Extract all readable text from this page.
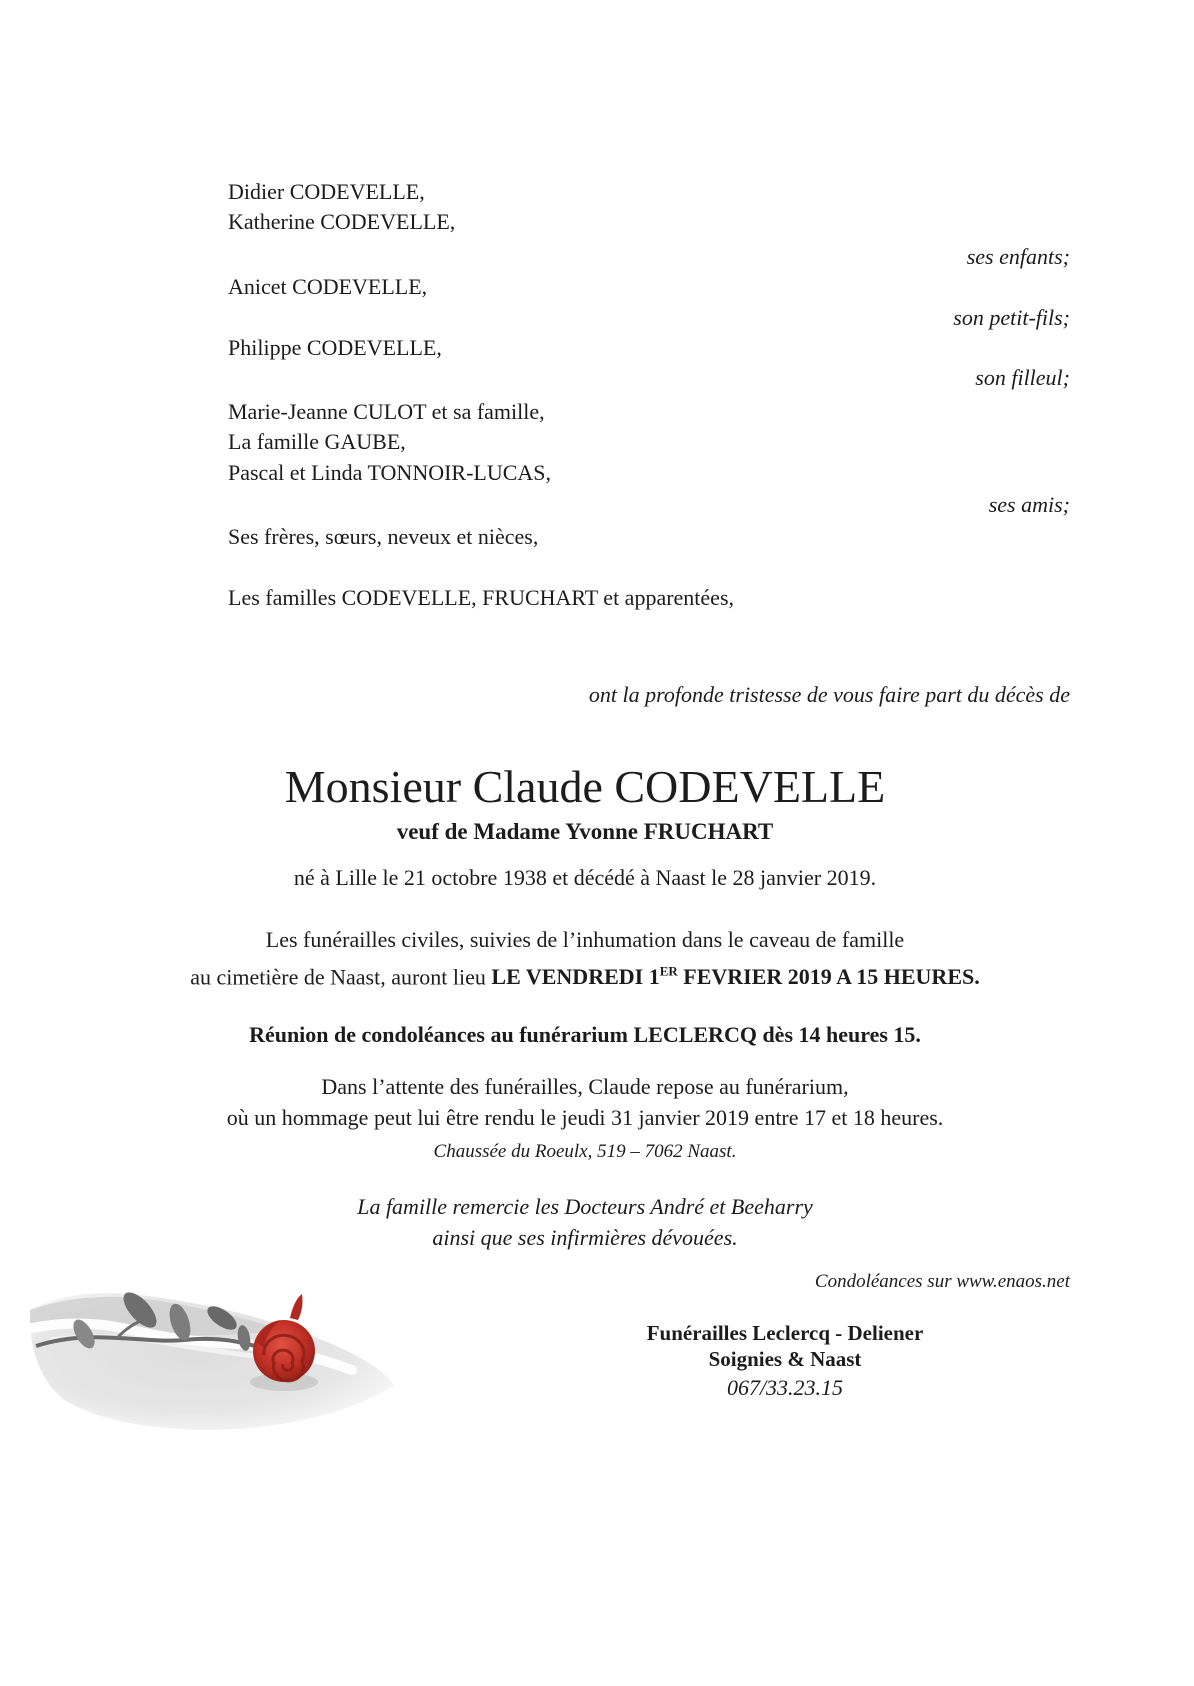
Didier CODEVELLE,
Katherine CODEVELLE,
ses enfants;
Anicet CODEVELLE,
son petit-fils;
Philippe CODEVELLE,
son filleul;
Marie-Jeanne CULOT et sa famille,
La famille GAUBE,
Pascal et Linda TONNOIR-LUCAS,
ses amis;
Ses frères, sœurs, neveux et nièces,
Les familles CODEVELLE, FRUCHART et apparentées,
ont la profonde tristesse de vous faire part du décès de
Monsieur Claude CODEVELLE
veuf de Madame Yvonne FRUCHART
né à Lille le 21 octobre 1938 et décédé à Naast le 28 janvier 2019.
Les funérailles civiles, suivies de l’inhumation dans le caveau de famille
au cimetière de Naast, auront lieu LE VENDREDI 1ER FEVRIER 2019 A 15 HEURES.
Réunion de condoléances au funérarium LECLERCQ dès 14 heures 15.
Dans l’attente des funérailles, Claude repose au funérarium,
où un hommage peut lui être rendu le jeudi 31 janvier 2019 entre 17 et 18 heures.
Chaussée du Roeulx, 519 – 7062 Naast.
La famille remercie les Docteurs André et Beeharry
ainsi que ses infirmières dévouées.
Condoléances sur www.enaos.net
Funérailles Leclercq - Deliener
Soignies & Naast
067/33.23.15
